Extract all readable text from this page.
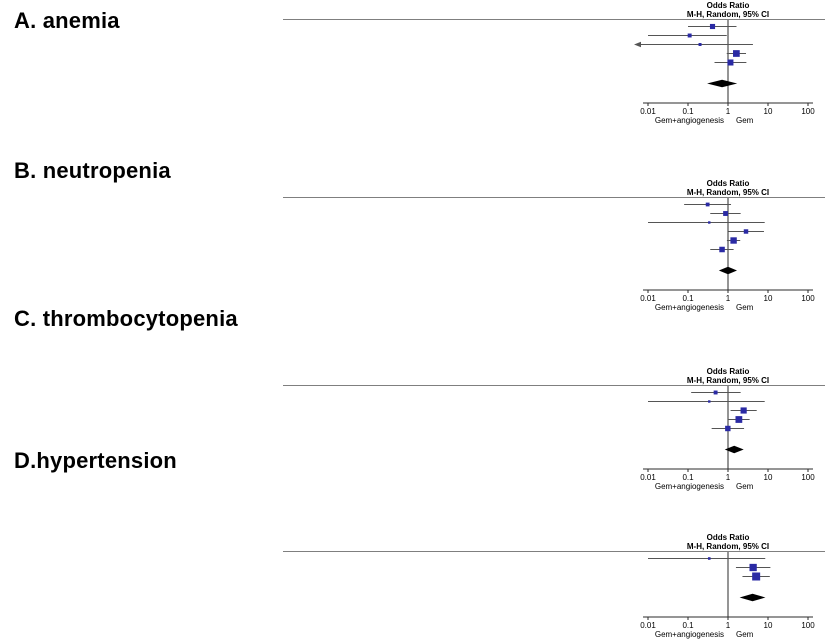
A. anemia
B. neutropenia
C. thrombocytopenia
D.hypertension
Odds Ratio
M-H, Random, 95% CI
0.01	0.1	1	10	100
Gem+angiogenesis Gem
Odds Ratio
M-H, Random, 95% CI
0.01	0.1	1	10	100
Gem+angiogenesis Gem
Odds Ratio
M-H, Random, 95% CI
0.01	0.1	1	10	100
Gem+angiogenesis Gem
Odds Ratio
M-H, Random, 95% CI
0.01	0.1	1	10	100
Gem+angiogenesis Gem
